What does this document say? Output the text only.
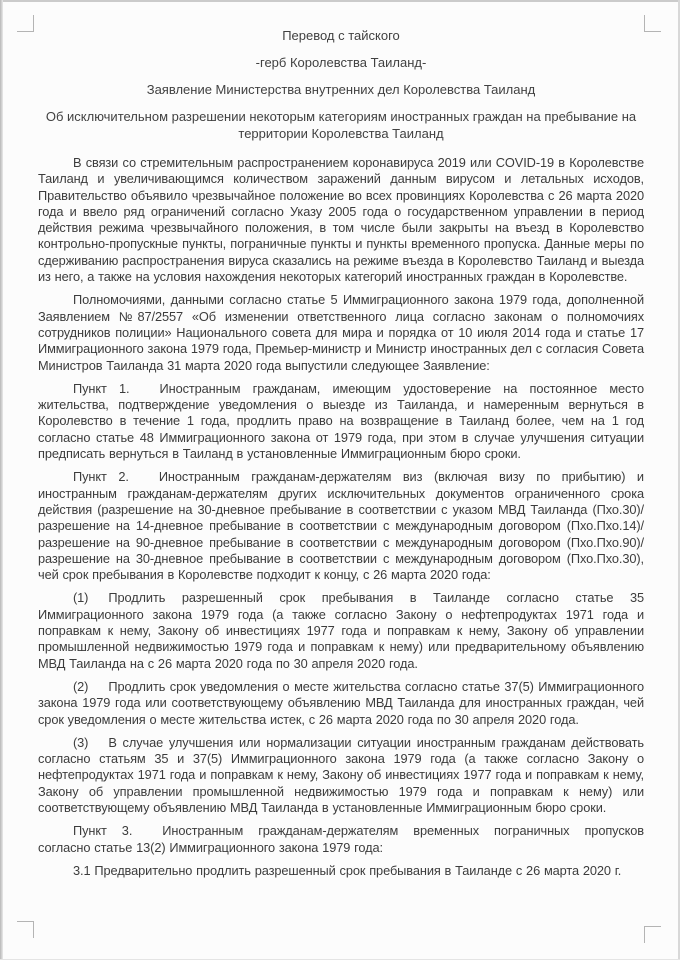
Перевод с тайского

-герб Королевства Таиланд-

Заявление Министерства внутренних дел Королевства Таиланд

Об исключительном разрешении некоторым категориям иностранных граждан на пребывание на территории Королевства Таиланд

В связи со стремительным распространением коронавируса 2019 или COVID-19 в Королевстве Таиланд и увеличивающимся количеством заражений данным вирусом и летальных исходов, Правительство объявило чрезвычайное положение во всех провинциях Королевства с 26 марта 2020 года и ввело ряд ограничений согласно Указу 2005 года о государственном управлении в период действия режима чрезвычайного положения, в том числе были закрыты на въезд в Королевство контрольно-пропускные пункты, пограничные пункты и пункты временного пропуска. Данные меры по сдерживанию распространения вируса сказались на режиме въезда в Королевство Таиланд и выезда из него, а также на условия нахождения некоторых категорий иностранных граждан в Королевстве.

Полномочиями, данными согласно статье 5 Иммиграционного закона 1979 года, дополненной Заявлением №87/2557 «Об изменении ответственного лица согласно законам о полномочиях сотрудников полиции» Национального совета для мира и порядка от 10 июля 2014 года и статье 17 Иммиграционного закона 1979 года, Премьер-министр и Министр иностранных дел с согласия Совета Министров Таиланда 31 марта 2020 года выпустили следующее Заявление:

Пункт 1. Иностранным гражданам, имеющим удостоверение на постоянное место жительства, подтверждение уведомления о выезде из Таиланда, и намеренным вернуться в Королевство в течение 1 года, продлить право на возвращение в Таиланд более, чем на 1 год согласно статье 48 Иммиграционного закона от 1979 года, при этом в случае улучшения ситуации предписать вернуться в Таиланд в установленные Иммиграционным бюро сроки.

Пункт 2. Иностранным гражданам-держателям виз (включая визу по прибытию) и иностранным гражданам-держателям других исключительных документов ограниченного срока действия (разрешение на 30-дневное пребывание в соответствии с указом МВД Таиланда (Пхо.30)/ разрешение на 14-дневное пребывание в соответствии с международным договором (Пхо.Пхо.14)/ разрешение на 90-дневное пребывание в соответствии с международным договором (Пхо.Пхо.90)/разрешение на 30-дневное пребывание в соответствии с международным договором (Пхо.Пхо.30), чей срок пребывания в Королевстве подходит к концу, с 26 марта 2020 года:

(1) Продлить разрешенный срок пребывания в Таиланде согласно статье 35 Иммиграционного закона 1979 года (а также согласно Закону о нефтепродуктах 1971 года и поправкам к нему, Закону об инвестициях 1977 года и поправкам к нему, Закону об управлении промышленной недвижимостью 1979 года и поправкам к нему) или предварительному объявлению МВД Таиланда на с 26 марта 2020 года по 30 апреля 2020 года.

(2) Продлить срок уведомления о месте жительства согласно статье 37(5) Иммиграционного закона 1979 года или соответствующему объявлению МВД Таиланда для иностранных граждан, чей срок уведомления о месте жительства истек, с 26 марта 2020 года по 30 апреля 2020 года.

(3) В случае улучшения или нормализации ситуации иностранным гражданам действовать согласно статьям 35 и 37(5) Иммиграционного закона 1979 года (а также согласно Закону о нефтепродуктах 1971 года и поправкам к нему, Закону об инвестициях 1977 года и поправкам к нему, Закону об управлении промышленной недвижимостью 1979 года и поправкам к нему) или соответствующему объявлению МВД Таиланда в установленные Иммиграционным бюро сроки.

Пункт 3. Иностранным гражданам-держателям временных пограничных пропусков согласно статье 13(2) Иммиграционного закона 1979 года:

3.1 Предварительно продлить разрешенный срок пребывания в Таиланде с 26 марта 2020 г.
